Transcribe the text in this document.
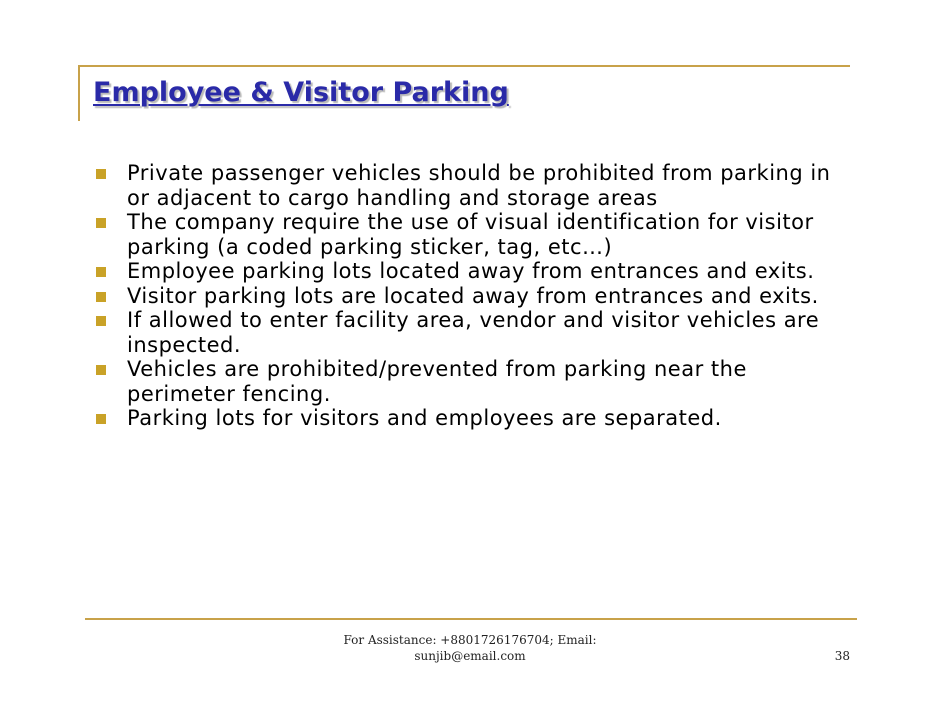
Employee & Visitor Parking
Private passenger vehicles should be prohibited from parking in or adjacent to cargo handling and storage areas
The company require the use of visual identification for visitor parking (a coded parking sticker, tag, etc…)
Employee parking lots located away from entrances and exits.
Visitor parking lots are located away from entrances and exits.
If allowed to enter facility area, vendor and visitor vehicles are inspected.
Vehicles are prohibited/prevented from parking near the perimeter fencing.
Parking lots for visitors and employees are separated.
For Assistance: +8801726176704; Email:
sunjib@email.com	38
